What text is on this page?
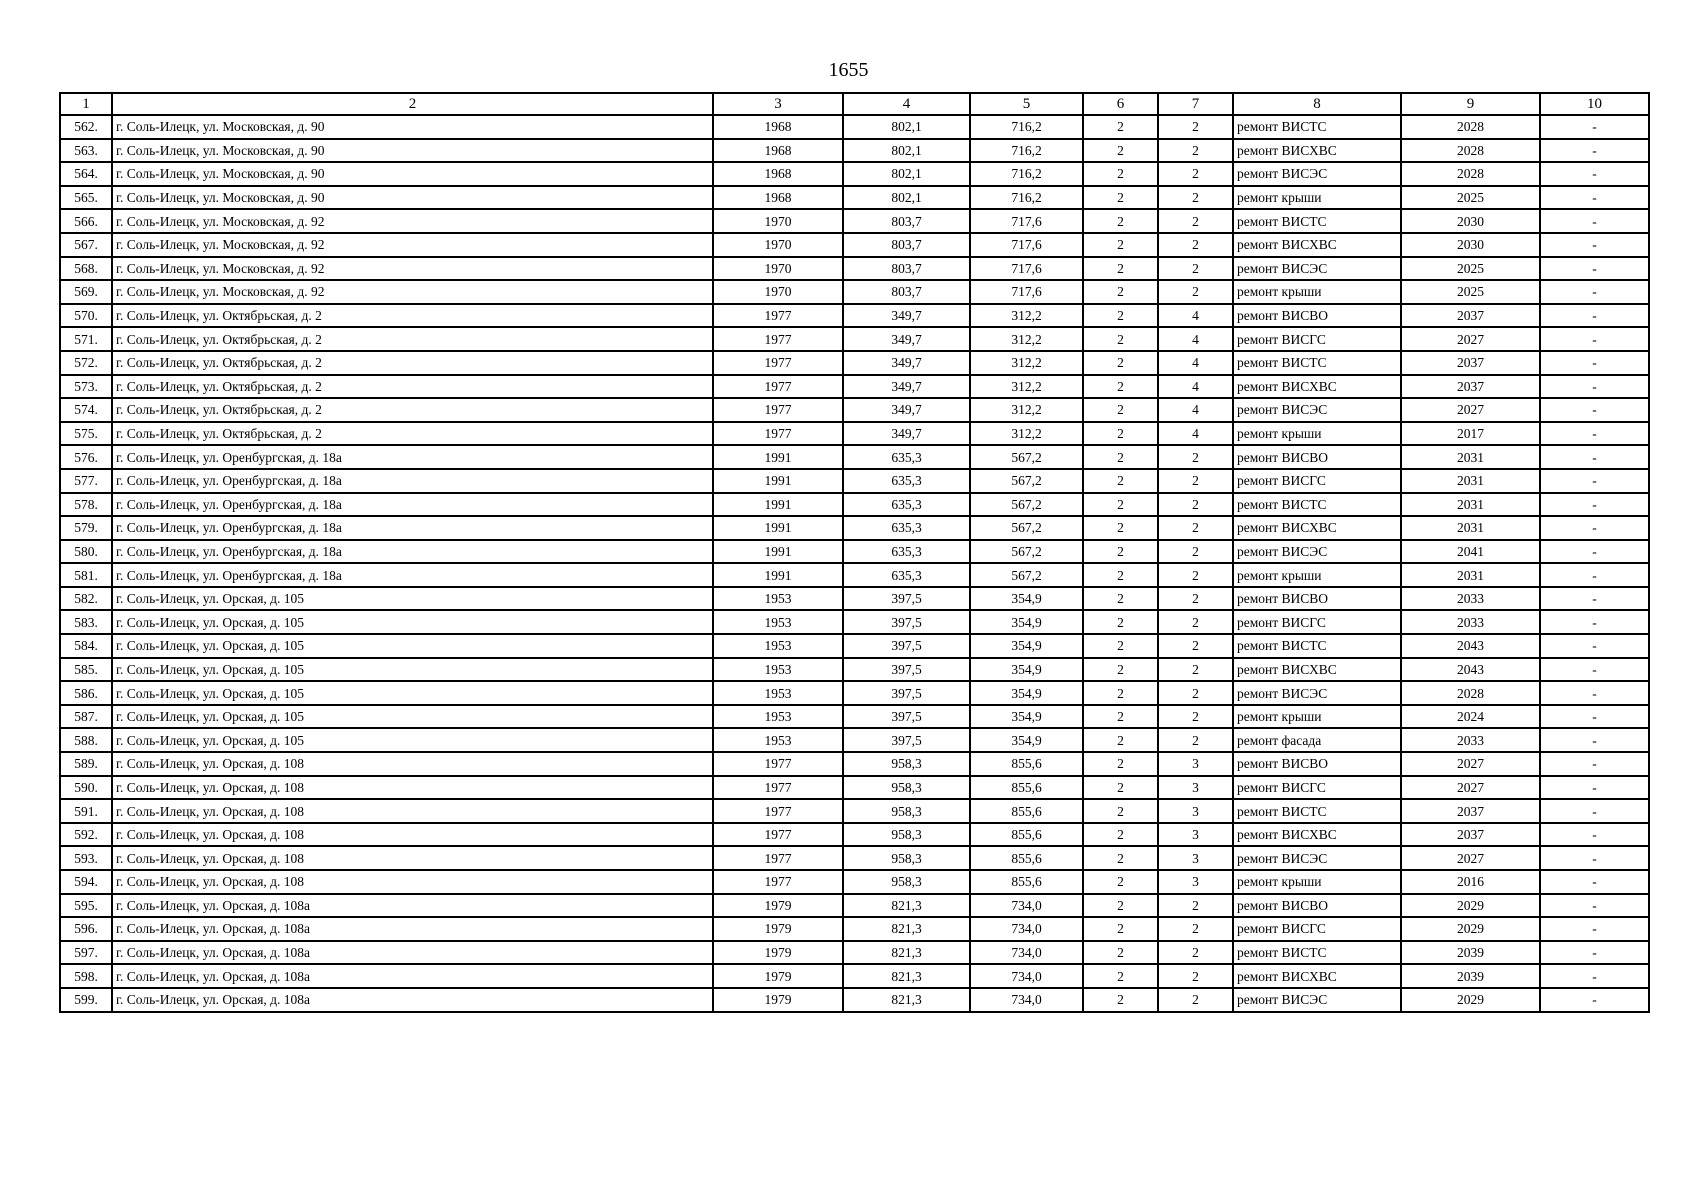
1655
1	2	3	4	5	6	7	8	9	10
562.	г. Соль-Илецк, ул. Московская, д. 90	1968	802,1	716,2	2	2	ремонт ВИСТС	2028	-
563.	г. Соль-Илецк, ул. Московская, д. 90	1968	802,1	716,2	2	2	ремонт ВИСХВС	2028	-
564.	г. Соль-Илецк, ул. Московская, д. 90	1968	802,1	716,2	2	2	ремонт ВИСЭС	2028	-
565.	г. Соль-Илецк, ул. Московская, д. 90	1968	802,1	716,2	2	2	ремонт крыши	2025	-
566.	г. Соль-Илецк, ул. Московская, д. 92	1970	803,7	717,6	2	2	ремонт ВИСТС	2030	-
567.	г. Соль-Илецк, ул. Московская, д. 92	1970	803,7	717,6	2	2	ремонт ВИСХВС	2030	-
568.	г. Соль-Илецк, ул. Московская, д. 92	1970	803,7	717,6	2	2	ремонт ВИСЭС	2025	-
569.	г. Соль-Илецк, ул. Московская, д. 92	1970	803,7	717,6	2	2	ремонт крыши	2025	-
570.	г. Соль-Илецк, ул. Октябрьская, д. 2	1977	349,7	312,2	2	4	ремонт ВИСВО	2037	-
571.	г. Соль-Илецк, ул. Октябрьская, д. 2	1977	349,7	312,2	2	4	ремонт ВИСГС	2027	-
572.	г. Соль-Илецк, ул. Октябрьская, д. 2	1977	349,7	312,2	2	4	ремонт ВИСТС	2037	-
573.	г. Соль-Илецк, ул. Октябрьская, д. 2	1977	349,7	312,2	2	4	ремонт ВИСХВС	2037	-
574.	г. Соль-Илецк, ул. Октябрьская, д. 2	1977	349,7	312,2	2	4	ремонт ВИСЭС	2027	-
575.	г. Соль-Илецк, ул. Октябрьская, д. 2	1977	349,7	312,2	2	4	ремонт крыши	2017	-
576.	г. Соль-Илецк, ул. Оренбургская, д. 18а	1991	635,3	567,2	2	2	ремонт ВИСВО	2031	-
577.	г. Соль-Илецк, ул. Оренбургская, д. 18а	1991	635,3	567,2	2	2	ремонт ВИСГС	2031	-
578.	г. Соль-Илецк, ул. Оренбургская, д. 18а	1991	635,3	567,2	2	2	ремонт ВИСТС	2031	-
579.	г. Соль-Илецк, ул. Оренбургская, д. 18а	1991	635,3	567,2	2	2	ремонт ВИСХВС	2031	-
580.	г. Соль-Илецк, ул. Оренбургская, д. 18а	1991	635,3	567,2	2	2	ремонт ВИСЭС	2041	-
581.	г. Соль-Илецк, ул. Оренбургская, д. 18а	1991	635,3	567,2	2	2	ремонт крыши	2031	-
582.	г. Соль-Илецк, ул. Орская, д. 105	1953	397,5	354,9	2	2	ремонт ВИСВО	2033	-
583.	г. Соль-Илецк, ул. Орская, д. 105	1953	397,5	354,9	2	2	ремонт ВИСГС	2033	-
584.	г. Соль-Илецк, ул. Орская, д. 105	1953	397,5	354,9	2	2	ремонт ВИСТС	2043	-
585.	г. Соль-Илецк, ул. Орская, д. 105	1953	397,5	354,9	2	2	ремонт ВИСХВС	2043	-
586.	г. Соль-Илецк, ул. Орская, д. 105	1953	397,5	354,9	2	2	ремонт ВИСЭС	2028	-
587.	г. Соль-Илецк, ул. Орская, д. 105	1953	397,5	354,9	2	2	ремонт крыши	2024	-
588.	г. Соль-Илецк, ул. Орская, д. 105	1953	397,5	354,9	2	2	ремонт фасада	2033	-
589.	г. Соль-Илецк, ул. Орская, д. 108	1977	958,3	855,6	2	3	ремонт ВИСВО	2027	-
590.	г. Соль-Илецк, ул. Орская, д. 108	1977	958,3	855,6	2	3	ремонт ВИСГС	2027	-
591.	г. Соль-Илецк, ул. Орская, д. 108	1977	958,3	855,6	2	3	ремонт ВИСТС	2037	-
592.	г. Соль-Илецк, ул. Орская, д. 108	1977	958,3	855,6	2	3	ремонт ВИСХВС	2037	-
593.	г. Соль-Илецк, ул. Орская, д. 108	1977	958,3	855,6	2	3	ремонт ВИСЭС	2027	-
594.	г. Соль-Илецк, ул. Орская, д. 108	1977	958,3	855,6	2	3	ремонт крыши	2016	-
595.	г. Соль-Илецк, ул. Орская, д. 108а	1979	821,3	734,0	2	2	ремонт ВИСВО	2029	-
596.	г. Соль-Илецк, ул. Орская, д. 108а	1979	821,3	734,0	2	2	ремонт ВИСГС	2029	-
597.	г. Соль-Илецк, ул. Орская, д. 108а	1979	821,3	734,0	2	2	ремонт ВИСТС	2039	-
598.	г. Соль-Илецк, ул. Орская, д. 108а	1979	821,3	734,0	2	2	ремонт ВИСХВС	2039	-
599.	г. Соль-Илецк, ул. Орская, д. 108а	1979	821,3	734,0	2	2	ремонт ВИСЭС	2029	-
